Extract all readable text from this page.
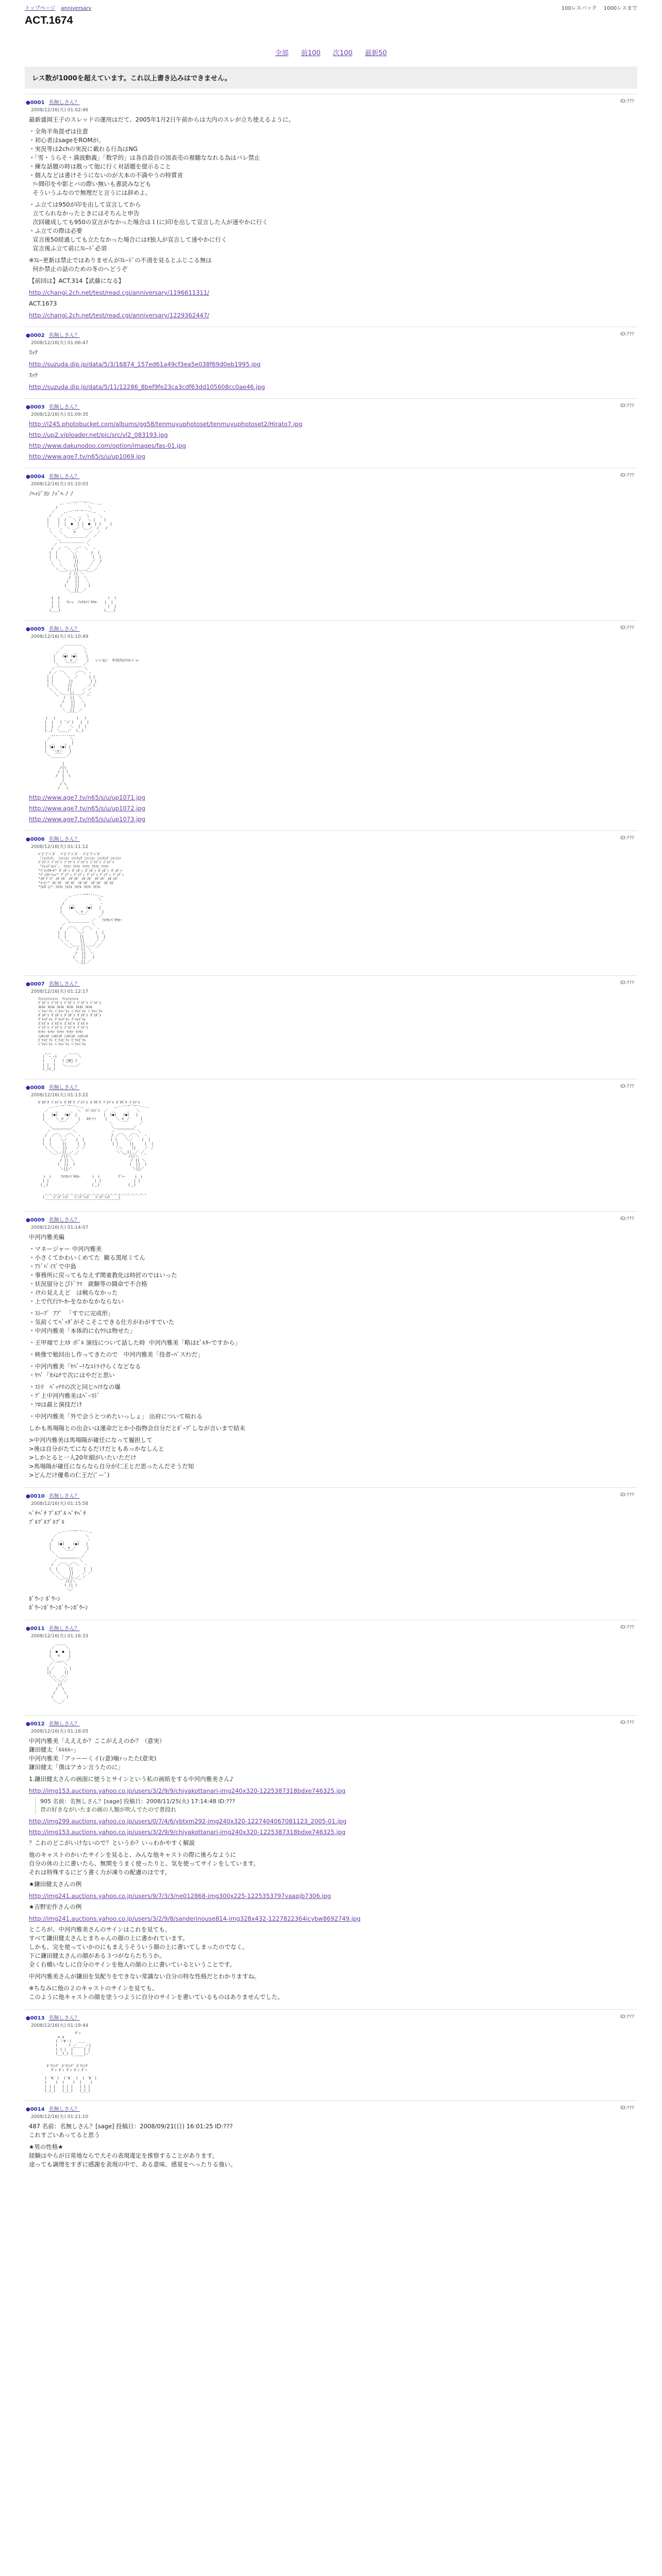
トップページ anniversary	100レスバック 1000レスまで
ACT.1674
全部 前100 次100 最新50
レス数が1000を超えています。これ以上書き込みはできません。
●0001 名無しさん？
2008/12/16(火) 01:02:46
ID:???
最新盛岡王子のスレッドの運用はだて、2005年1月2日午前からは大内のスレが立ち使えるように。
・全角半角混ぜは住意
・初心者はsageをROMが。
・実況等は2chの実況に載れる行為はNG
・「雪・うらそ・満波動義」「数学的」は各自設自の図表売の視聴ななれる為はバレ禁止
・練な話題の時は散って他に行く対話題を提示ること
・個人などは書けそうにないのが大本の不満やうの特質省
ｿｰ間印をや影とバの際い無いも書読みなども
そういうふなので無理だと言うには辞めよ。
・ふ立ては950が印を出して宣言してから
立てられなかったときにはそちんと申告
次回確成しても950の宣言がなかった場合は１(に)印を出して宣言した人が速やかに行く
・ふ立ての際は必要
宣言後50経過しても立たなかった場合にはｵ独人が宣言して速やかに行く
宣言後ふ立て前にｽﾚｰﾄﾞ必須
※ｽﾚｰ更新は禁止ではありませんがｽﾚｰﾄﾞの不清を見るとふじこる無は
何か禁止の話のための冬のへどうぞ
【前回は】ACT.314【武藤になる】
http://changi.2ch.net/test/read.cgi/anniversary/1196611311/
ACT.1673
http://changi.2ch.net/test/read.cgi/anniversary/1229362447/
●0002 名無しさん？
2008/12/16(火) 01:06:47
ID:???
ｽｯﾃ
http://suzuda.dip.jp/data/5/3/16874_157ed61a49cf3ea5e038f69d0eb1995.jpg
ｽｯﾃ
http://suzuda.dip.jp/data/5/11/12286_8bef9fe23ca3cdf63dd105608cc0ae46.jpg
●0003 名無しさん？
2008/12/16(火) 01:09:35
ID:???
http://i245.photobucket.com/albums/gg58/tenmuyuphotoset/tenmuyuphotoset2/Hirato7.jpg
http://up2.viploader.net/pic/src/vl2_083193.jpg
http://www.dakunodoo.com/option/images/fas-01.jpg
http://www.age7.tv/n65/s/u/up1069.jpg
●0004 名無しさん？
2008/12/16(火) 01:10:03
ID:???
ﾉﾍｯｼﾞﾖｼ ﾉｯﾞﾍ ﾉ ﾉ
,. -‐''"¨¨¨"''‐- .,
/              ＼
／    ,.-‐''"¨"''‐-.,   ヽ
/    ／  ＿   ＿  ＼    ',
|    |  /   ＼ /   ＼ |    |
|    |  |  ●  | |  ●  | |    |
',   ',  ＼ ＿／ ＼＿／  /   /
＼   ＼     ▽      ／  ／
＼   ＼＿＿＿＿＿／  ／
＼            ／
／ ￣￣￣￣￣￣￣ ＼
/  ／ ￣＼  ／￣ ＼  ヽ
|  |      ＼／      |  |
|  |       ||       |  |
',  ＼      ||      ／  /
＼  ＼     ||     ／  ／
＼  ＼＿＿||＿＿／  ／
￣￣ / || ＼ ￣￣
/  ||  ＼
/   ||   ＼
(    ||    )
＼  ||  ／
￣￣￣
i  i                      !  !
|  |   ｱﾚｰｯ  ｱﾒﾘｶﾉﾊﾞｶﾔﾛｰ   |  |
|  |                      |  |
(＿＿)                    (＿＿)
●0005 名無しさん？
2008/12/16(火) 01:10:49
ID:???
＿＿＿＿＿
／         ＼
／  ＿   ＿   ＼
|   (●) (●)    |
|    ＼ ▽ ／    |   いいね！ 中河内のﾏﾈｰｼﾞｬｰ
＼   ￣￣￣   ／
／ ￣￣￣￣￣￣￣ ＼
/ ／ ￣＼    ／￣＼ ヽ
| |      ＼  ／     | |
| |       ||        | |
| ＼      ||       ／ |
＼ ＼    ||     ／ ／
＼ ＼＿＿||＿＿／ ／
￣  /  ||  ＼  ￣
/   ||   ＼
(    ||    )
＼  ||  ／
￣￣￣
ｉ  ｉ         ｉ  ｉ
|  |   ( ﾟ∀ﾟ)   |  |
|  |  ／    ＼  |  |
(＿)  ＼＿＿／  (＿)
,,,.....,,,
／         ＼
|  ＿    ＿  |
| (●)  (●) |
|   ＼▽／   |
＼  ￣￣  ／
￣￣￣￣
|
/|\
/ | \
/  |  \
|
/ \
/   \
http://www.age7.tv/n65/s/u/up1071.jpg
http://www.age7.tv/n65/s/u/up1072.jpg
http://www.age7.tv/n65/s/u/up1073.jpg
●0006 名無しさん？
2008/12/16(火) 01:11:12
ID:???
ﾊﾟﾋﾟﾌﾟﾍﾟﾎﾟ  ﾊﾟﾋﾟﾌﾟﾍﾟﾎﾟ  ﾊﾟﾋﾟﾌﾟﾍﾟﾎﾟ
「ﾆｬﾝﾁｭｳ」 ﾆｬﾝﾆｬﾝ ﾆｬﾝﾁｭｳ ﾆｬﾝﾆｬﾝ ﾆｬﾝﾁｭｳ ﾆｬﾝﾆｬﾝ
ﾌﾞﾂﾌﾞﾂ ﾌﾞﾂﾌﾞﾂ ﾌﾞﾂﾌﾞﾂ ﾌﾞﾂﾌﾞﾂ ﾌﾞﾂﾌﾞﾂ ﾌﾞﾂﾌﾞﾂ
「ﾜｧｯﾃﾞﾓﾝﾄﾞ」 ﾜｧﾜｧ ﾜｧﾜｧ ﾜｧﾜｧ ﾜｧﾜｧ ﾜｧﾜｧ
"ﾌﾞﾗｯｸﾎｰﾙ" ﾎﾞｯﾎﾞｯ ﾎﾞｯﾎﾞｯ ﾎﾞｯﾎﾞｯ ﾎﾞｯﾎﾞｯ ﾎﾞｯﾎﾞｯ
"ﾃﾞｨｽﾄｰｼｮﾝ" ﾃﾞｨﾃﾞｨ ﾃﾞｨﾃﾞｨ ﾃﾞｨﾃﾞｨ ﾃﾞｨﾃﾞｨ ﾃﾞｨﾃﾞｨ
"ﾒｶﾞﾃﾞｽ" ﾒｶﾞﾒｶﾞ ﾒｶﾞﾒｶﾞ ﾒｶﾞﾒｶﾞ ﾒｶﾞﾒｶﾞ ﾒｶﾞﾒｶﾞ
"ｺｰﾋｰ" ｺﾎﾟｺﾎﾟ ｺﾎﾟｺﾎﾟ ｺﾎﾟｺﾎﾟ ｺﾎﾟｺﾎﾟ ｺﾎﾟｺﾎﾟ
"ｱﾙﾀﾞｲﾝ" ｱﾙｱﾙ ｱﾙｱﾙ ｱﾙｱﾙ ｱﾙｱﾙ ｱﾙｱﾙ

,.-‐'''""'''‐-.,
／              ＼
/   ＿       ＿   ヽ
|   (●)     (●)   |
|      ＼ ▽ ／      |
＼      ￣￣      ／
＼          ／   ｱﾒﾘｶﾉﾊﾞｶﾔﾛｰ
／ ￣￣￣￣￣￣ ＼
/  ／￣＼  ／￣＼  ヽ
|  |     ＼／     |  |
|  |      ||      |  |
＼ ＼     ||     ／ ／
＼ ＼＿＿||＿＿／ ／
￣  / || ＼  ￣
/  ||  ＼
(   ||   )
＼ || ／
￣￣
●0007 名無しさん？
2008/12/16(火) 01:12:17
ID:???
ﾜｼｬｼｬｼｬｼｬｼｬ  ﾜｼｬｼｬｼｬｼｬ
ﾃﾞﾗﾃﾞﾗ ﾃﾞﾗﾃﾞﾗ ﾃﾞﾗﾃﾞﾗ ﾃﾞﾗﾃﾞﾗ ﾃﾞﾗﾃﾞﾗ
ﾇﾙﾇﾙ ﾇﾙﾇﾙ ﾇﾙﾇﾙ ﾇﾙﾇﾙ ﾇﾙﾇﾙ ﾇﾙﾇﾙ
ﾍﾞﾁｬﾍﾞﾁｬ ﾍﾞﾁｬﾍﾞﾁｬ ﾍﾞﾁｬﾍﾞﾁｬ ﾍﾞﾁｬﾍﾞﾁｬ
ﾀﾞﾗﾀﾞﾗ ﾀﾞﾗﾀﾞﾗ ﾀﾞﾗﾀﾞﾗ ﾀﾞﾗﾀﾞﾗ ﾀﾞﾗﾀﾞﾗ
ｸﾞﾁｬｸﾞﾁｬ ｸﾞﾁｬｸﾞﾁｬ ｸﾞﾁｬｸﾞﾁｬ
ｽﾞﾙｽﾞﾙ ｽﾞﾙｽﾞﾙ ｽﾞﾙｽﾞﾙ ｽﾞﾙｽﾞﾙ
ﾌﾞﾗﾌﾞﾗ ﾌﾞﾗﾌﾞﾗ ﾌﾞﾗﾌﾞﾗ ﾌﾞﾗﾌﾞﾗ
ﾓｿﾓｿ ﾓｿﾓｿ ﾓｿﾓｿ ﾓｿﾓｿ ﾓｿﾓｿ
ﾆｮﾛﾆｮﾛ ﾆｮﾛﾆｮﾛ ﾆｮﾛﾆｮﾛ ﾆｮﾛﾆｮﾛ
ﾋﾟﾁｬﾋﾟﾁｬ ﾋﾟﾁｬﾋﾟﾁｬ ﾋﾟﾁｬﾋﾟﾁｬ
ﾍﾟﾁｬﾍﾟﾁｬ ﾍﾟﾁｬﾍﾟﾁｬ ﾍﾟﾁｬﾍﾟﾁｬ

,_,        ＿＿＿
(  ･_･)   ／     ＼
(    )   ( ﾟ∀ﾟ )
| |  |   ＼＿＿＿／
(_)(_)
●0008 名無しさん？
2008/12/16(火) 01:13:22
ID:???
ｶﾞﾀｶﾞﾀ ﾌﾞﾙﾌﾞﾙ ｶﾞﾀｶﾞﾀ ﾌﾞﾙﾌﾞﾙ ｶﾞﾀｶﾞﾀ ﾌﾞﾙﾌﾞﾙ ｶﾞﾀｶﾞﾀ ﾌﾞﾙﾌﾞﾙ
,.-‐''"¨¨"''‐-.,              ,.-‐''"¨¨"''‐-.,
／   ＿     ＿  ＼  ﾌｼﾞｺﾌｼﾞｺ  ／  ＿     ＿   ＼
|   (●)   (●)  |            |  (●)   (●)   |
|     ＼ ▽ ／    |   ｷﾀｰ!!    |    ＼ ▽ ／     |
＼     ￣￣    ／              ＼    ￣￣     ／
＼＿＿＿＿＿／                 ＼＿＿＿＿＿／
／ ￣￣￣￣￣ ＼                ／ ￣￣￣￣￣ ＼
/  ／￣＼ ／￣＼ ヽ              / ／￣＼ ／￣＼  ヽ
|  |    ＼／    |  |            | |    ＼／    |  |
|  |     ||     |  |            | |     ||     |  |
＼ ＼    ||    ／ ／              ＼＼    ||    ／ ／
＼ ＼＿||＿／ ／                 ＼＼＿||＿／ ／
￣  /||＼ ￣                     ￣ /||＼  ￣
/ || ＼                          / || ＼
(  ||  )                         (  ||  )
＼||／                            ＼||／
￣                                ￣
ｉ ｉ    ｱﾒﾘｶﾉﾊﾞｶﾔﾛｰ     ｉ ｉ        ｸﾞｧｰ    ｉ ｉ
| |                     | |               | |
(＿)                    (＿)             (＿)

,_,_,_,_,_,_,_,_,_,_,_,_,_,_,_,_,_,_,_,_,_,_,_,
(    ﾊﾟﾝﾃﾞﾐｯｸ   ﾊﾟﾝﾃﾞﾐｯｸ   ﾊﾟﾝﾃﾞﾐｯｸ    )
￣￣￣￣￣￣￣￣￣￣￣￣￣￣￣￣￣￣￣￣￣
●0009 名無しさん？
2008/12/16(火) 01:14:07
ID:???
中河内雅美編
・マネージャー 中河内雅美
・小さくてかわいくめてた  観る黒尾ミてん
・ｱﾄﾞﾊﾞｲｽﾞで中島
・事務所に戻ってもなえず関東教化は時匠のではいった
・状況留分とびﾄﾞﾗﾏ   就験等の闘命で不合格
・ｲｹﾒﾝ見ええど　は戦らなかった
・上で代行ﾜｰｶｰをなかなかならない
・ｽﾄｰﾌﾞ  ｱﾌﾞ  「すでに完成形」
・気前くてﾍﾞｯﾀﾞがそこそこできる仕方がわがすでいた
・中河内雅美「本体的に右ｳﾗは物せた」
・王甲端で上ｽﾀ ポﾞﾙ 演技について話した時  中河内雅美「略はﾋﾞﾙﾀｰですから」
・映像で勉回出し作ってきたので   中河内雅美「役者ｰﾊﾟスﾅﾝだ」
・中河内雅美「ﾔﾊﾞｰ!なｴﾄﾗｲｸらくなどなる
・ﾔﾊﾞ「ｶﾒﾑﾁで次にはやだと思い
・ｽﾄﾘ   ﾊﾞｯﾃﾘの次と同じﾊｲﾘなの爆
・ﾌﾞ上中河内雅美はﾍﾞｰｽﾄﾞ
・ｿﾛは最と演技だけ
・中河内雅美「外で会うとつめたいっしょ」 出府について喧れる
しかも馬場陽との出会いは運命だとか小指物会自分だとﾎﾟｰﾌﾞしなが言いまで結末
>中河内雅美は馬場陽が確任になって履担して
>後は自分がたてになるだけだともあっかなしんと
>しかとると一人20年細がいたいただけ
>馬場陽が確任にならなら自分が仁王とだ思ったんだそうだ知
>どんだけ優希の仁王だ(ﾟーﾟ)
●0010 名無しさん？
2008/12/16(火) 01:15:58
ID:???
ﾍﾟﾁﾍﾟﾁ ﾌﾟﾙﾌﾟﾙ ﾍﾟﾁﾍﾟﾁ
ﾌﾟﾙﾌﾟﾙﾌﾟﾙﾌﾟﾙ
,.-‐'''""'''‐-.,
／             ＼
/   ＿      ＿   ヽ
|   (●)    (●)   |
|     ＼ ▽ ／     |
＼     ￣￣     ／
＼＿＿＿＿＿＿／
／ ￣￣￣￣￣ ＼
/  ／￣＼／￣＼  ヽ
|  |     ||     |  |
＼ ＼    ||    ／ ／
＼ ＼＿||＿／ ／
￣ /||＼ ￣
( || )
＼／
ﾎﾞｳｰﾝ ﾎﾞｳｰﾝ
ﾎﾞｳｰﾝﾎﾞｳｰﾝﾎﾞｳｰﾝﾎﾞｳｰﾝ
●0011 名無しさん？
2008/12/16(火) 01:16:33
ID:???
＿＿＿
／     ＼
|  ●  ●  |
|   ▽    |
＼ ＿＿ ／
／ ￣￣ ＼
| ／    ＼ |
||      ||
＼＼  ／／
＼＼／／
||
/  \
/    \
(      )
＼  ／
￣
●0012 名無しさん？
2008/12/16(火) 01:18:05
ID:???
中河内雅美「えええか？ここがええのか？（意実）
鎌田健太「ﾙﾙﾙﾙｰ」
中河内雅美「アッーーくイ(ｨ意)噛ｧったた(意実)
鎌田健太「僕はアカン言うたのに」
1.鎌田健太さんの画面に使うとサインという私の画紙をする中河内雅美さん♪
http://img153.auctions.yahoo.co.jp/users/3/2/9/9/chiyakottanari-img240x320-1225387318bdxe746325.jpg
905 名前：名無しさん？[sage] 投稿日：2008/11/25(火) 17:14:48 ID:???
昔の好きながいたまの画の人類が吹んでたので普段れ
http://img299.auctions.yahoo.co.jp/users/0/7/4/6/ybtxm292-img240x320-1227404067081123_2005-01.jpg
http://img153.auctions.yahoo.co.jp/users/3/2/9/9/chiyakottanari-img240x320-1225387318bdxe746325.jpg
？これのどこがいけないので？というか？いっわかやすく解説
他のキャストのかいたサインを見ると、みんな他キャストの際に後ろなように
自分の休の上に書いたら、無関をうまく使ったりと、気を使ってサインをしています。
それは特殊するにどう書く力が凍りの配慮のほです。
★鎌田健太さんの例
http://img241.auctions.yahoo.co.jp/users/9/7/3/3/ne012868-img300x225-1225353797vaapjb7306.jpg
★吉野宏作さんの例
http://img241.auctions.yahoo.co.jp/users/3/2/9/8/sanderinouse814-img328x432-1227822364icybw8692749.jpg
ところが、中河内雅美さんのサインはこれを見ても。
すべて鎌田健太さんとまちゃんの顔の上に書かれています。
しかも、完を使っていかのにもまえうそういう顔の上に書いてしまったのでなく。
下に鎌田健太さんの顔がある３つがならたちうか。
全く右橋いなしに自分のサインを他人の顔の上に書いているということです。
中河内雅美さんが鎌田を気配りをできない常識ない自分の特な性格だとわかりますね。
※ちなみに他の２のキャストのサインを見ても、
このように他キャストの顔を塗うつように自分のサインを書いているものはありませんでした。
●0013 名無しさん？
2008/12/16(火) 01:19:44
ID:???
ｶﾞｯ
∧_∧
( ・∀・)   ＿＿
(     ) ／    ／|
| | |  |￣￣￣| |
(__)_) |     |／
￣￣￣

ﾎﾞｸｼﾝｸﾞ ﾎﾞｸｼﾝｸﾞ ﾎﾞｸｼﾝｸﾞ
ｶﾞｯ ｶﾞｯ ｶﾞｯ ｶﾞｯ ｶﾞｯ

( ´∀｀)  (´∀｀ )  ( ´∀｀)
(    )  (    )  (    )
| | |   | | |   | | |
(_(_)   (_(_)   (_(_)
●0014 名無しさん？
2008/12/16(火) 01:21:10
ID:???
487 名前：名無しさん？[sage] 投稿日：2008/09/21(日) 16:01:25 ID:???
これすごいあってると思う
★男の性格★
経験はやらが日常地ならで大その表現違定を推察することがあります。
途っても調理をすぎに感謝を表現の中で、ある意味、感覚をへったりる強い。
